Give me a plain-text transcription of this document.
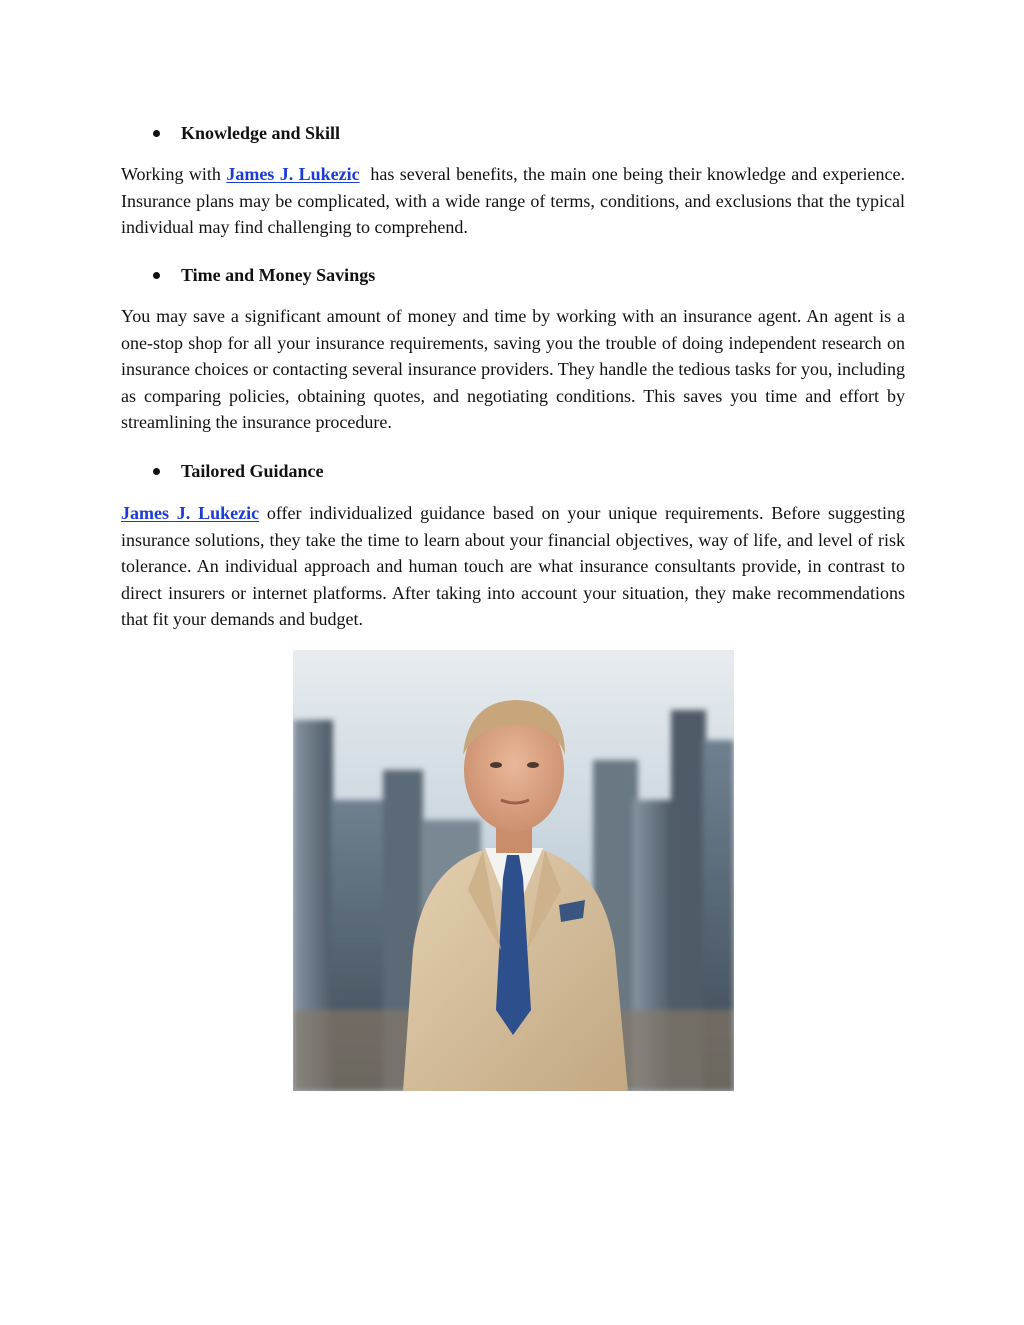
Knowledge and Skill

Working with James J. Lukezic  has several benefits, the main one being their knowledge and experience. Insurance plans may be complicated, with a wide range of terms, conditions, and exclusions that the typical individual may find challenging to comprehend.

Time and Money Savings

You may save a significant amount of money and time by working with an insurance agent. An agent is a one-stop shop for all your insurance requirements, saving you the trouble of doing independent research on insurance choices or contacting several insurance providers. They handle the tedious tasks for you, including as comparing policies, obtaining quotes, and negotiating conditions. This saves you time and effort by streamlining the insurance procedure.

Tailored Guidance

James J. Lukezic offer individualized guidance based on your unique requirements. Before suggesting insurance solutions, they take the time to learn about your financial objectives, way of life, and level of risk tolerance. An individual approach and human touch are what insurance consultants provide, in contrast to direct insurers or internet platforms. After taking into account your situation, they make recommendations that fit your demands and budget.
